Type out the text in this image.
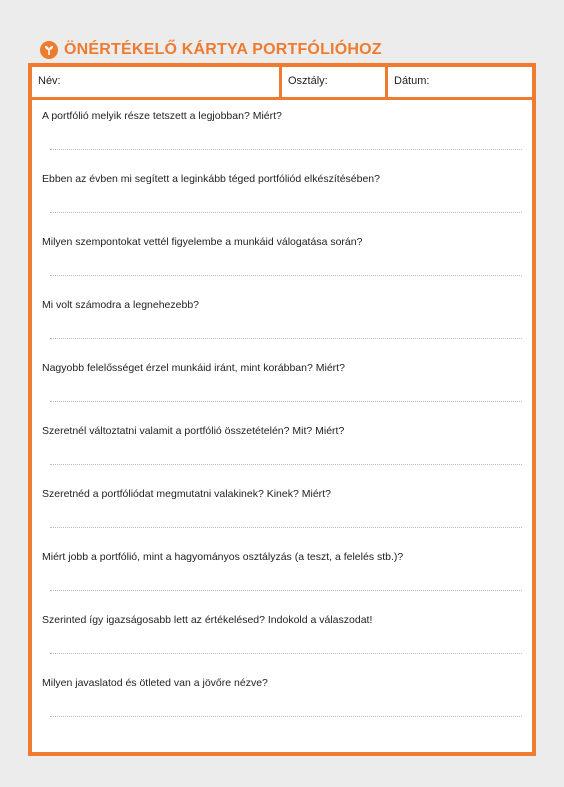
ÖNÉRTÉKELŐ KÁRTYA PORTFÓLIÓHOZ
Név:	Osztály:	Dátum:
A portfólió melyik része tetszett a legjobban? Miért?
Ebben az évben mi segített a leginkább téged portfóliód elkészítésében?
Milyen szempontokat vettél figyelembe a munkáid válogatása során?
Mi volt számodra a legnehezebb?
Nagyobb felelősséget érzel munkáid iránt, mint korábban? Miért?
Szeretnél változtatni valamit a portfólió összetételén? Mit? Miért?
Szeretnéd a portfóliódat megmutatni valakinek? Kinek? Miért?
Miért jobb a portfólió, mint a hagyományos osztályzás (a teszt, a felelés stb.)?
Szerinted így igazságosabb lett az értékelésed? Indokold a válaszodat!
Milyen javaslatod és ötleted van a jövőre nézve?
